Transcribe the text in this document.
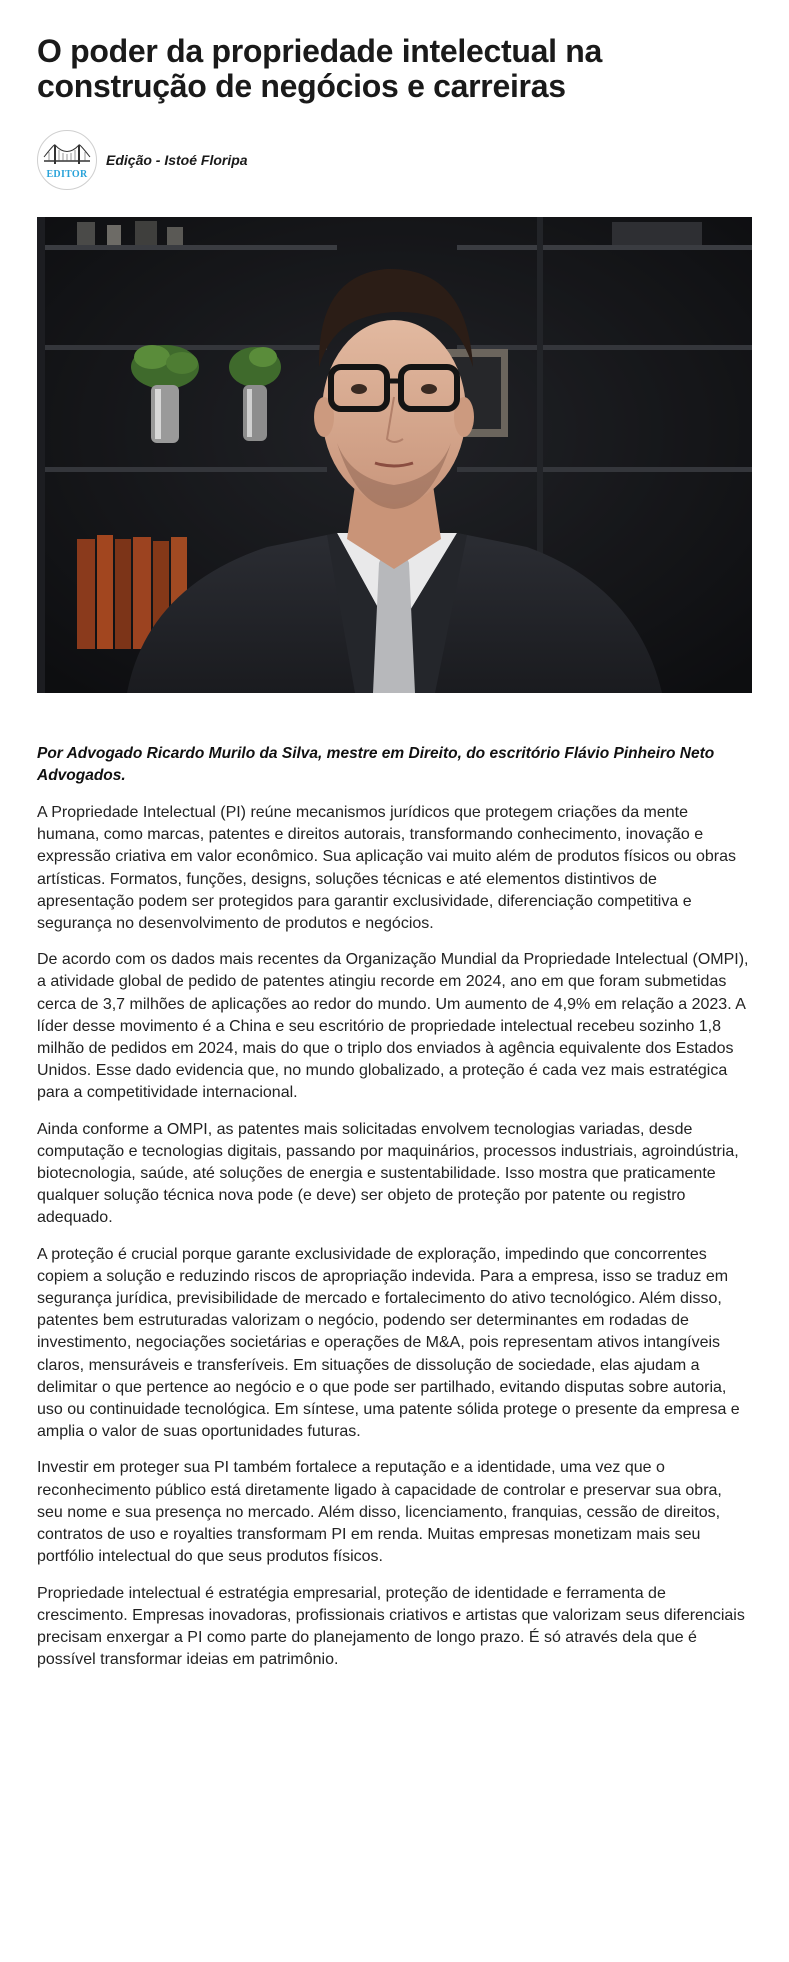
O poder da propriedade intelectual na construção de negócios e carreiras
EDITOR
Edição - Istoé Floripa

Por Advogado Ricardo Murilo da Silva, mestre em Direito, do escritório Flávio Pinheiro Neto Advogados.

A Propriedade Intelectual (PI) reúne mecanismos jurídicos que protegem criações da mente humana, como marcas, patentes e direitos autorais, transformando conhecimento, inovação e expressão criativa em valor econômico. Sua aplicação vai muito além de produtos físicos ou obras artísticas. Formatos, funções, designs, soluções técnicas e até elementos distintivos de apresentação podem ser protegidos para garantir exclusividade, diferenciação competitiva e segurança no desenvolvimento de produtos e negócios.

De acordo com os dados mais recentes da Organização Mundial da Propriedade Intelectual (OMPI), a atividade global de pedido de patentes atingiu recorde em 2024, ano em que foram submetidas cerca de 3,7 milhões de aplicações ao redor do mundo. Um aumento de 4,9% em relação a 2023. A líder desse movimento é a China e seu escritório de propriedade intelectual recebeu sozinho 1,8 milhão de pedidos em 2024, mais do que o triplo dos enviados à agência equivalente dos Estados Unidos. Esse dado evidencia que, no mundo globalizado, a proteção é cada vez mais estratégica para a competitividade internacional.

Ainda conforme a OMPI, as patentes mais solicitadas envolvem tecnologias variadas, desde computação e tecnologias digitais, passando por maquinários, processos industriais, agroindústria, biotecnologia, saúde, até soluções de energia e sustentabilidade. Isso mostra que praticamente qualquer solução técnica nova pode (e deve) ser objeto de proteção por patente ou registro adequado.

A proteção é crucial porque garante exclusividade de exploração, impedindo que concorrentes copiem a solução e reduzindo riscos de apropriação indevida. Para a empresa, isso se traduz em segurança jurídica, previsibilidade de mercado e fortalecimento do ativo tecnológico. Além disso, patentes bem estruturadas valorizam o negócio, podendo ser determinantes em rodadas de investimento, negociações societárias e operações de M&A, pois representam ativos intangíveis claros, mensuráveis e transferíveis. Em situações de dissolução de sociedade, elas ajudam a delimitar o que pertence ao negócio e o que pode ser partilhado, evitando disputas sobre autoria, uso ou continuidade tecnológica. Em síntese, uma patente sólida protege o presente da empresa e amplia o valor de suas oportunidades futuras.

Investir em proteger sua PI também fortalece a reputação e a identidade, uma vez que o reconhecimento público está diretamente ligado à capacidade de controlar e preservar sua obra, seu nome e sua presença no mercado. Além disso, licenciamento, franquias, cessão de direitos, contratos de uso e royalties transformam PI em renda. Muitas empresas monetizam mais seu portfólio intelectual do que seus produtos físicos.

Propriedade intelectual é estratégia empresarial, proteção de identidade e ferramenta de crescimento. Empresas inovadoras, profissionais criativos e artistas que valorizam seus diferenciais precisam enxergar a PI como parte do planejamento de longo prazo. É só através dela que é possível transformar ideias em patrimônio.
